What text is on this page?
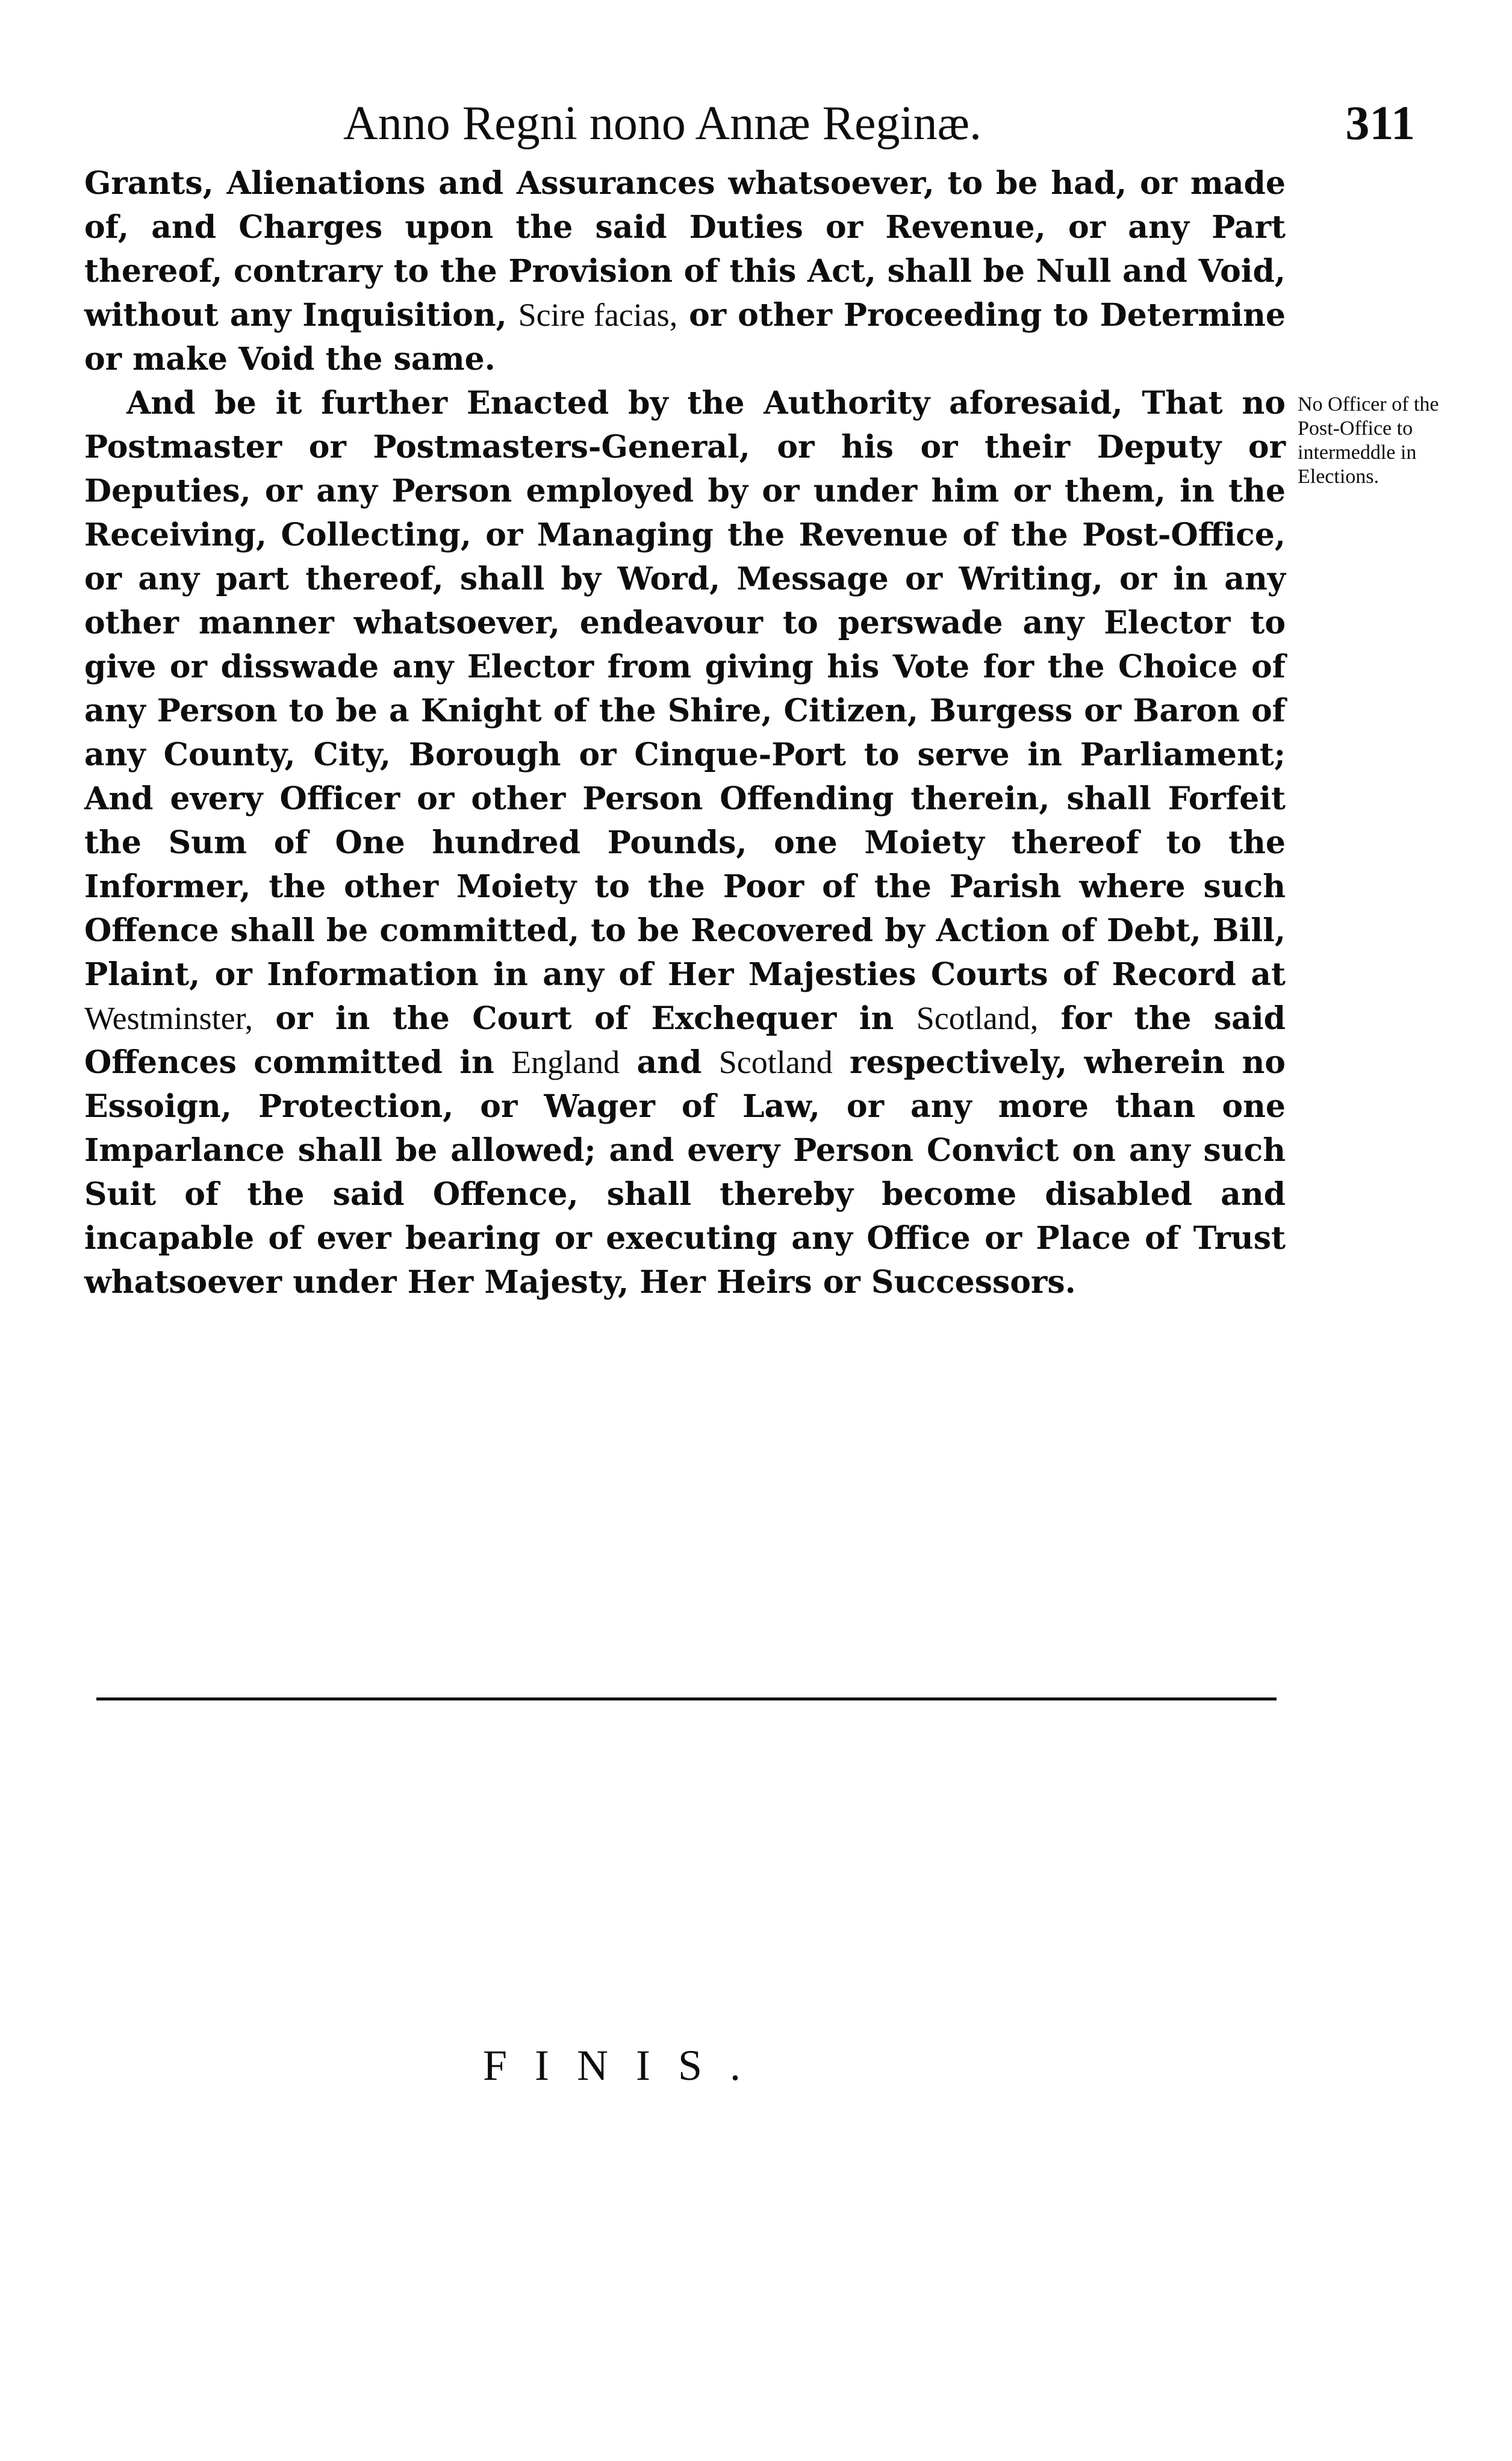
Anno Regni nono Annæ Reginæ.	311

Grants, Alienations and Assurances whatsoever, to be had, or made of, and Charges upon the said Duties or Revenue, or any Part thereof, contrary to the Provision of this Act, shall be Null and Void, without any Inquisition, Scire facias, or other Proceeding to Determine or make Void the same.

And be it further Enacted by the Authority aforesaid, That no Postmaster or Postmasters-General, or his or their Deputy or Deputies, or any Person employed by or under him or them, in the Receiving, Collecting, or Managing the Revenue of the Post-Office, or any part thereof, shall by Word, Message or Writing, or in any other manner whatsoever, endeavour to perswade any Elector to give or disswade any Elector from giving his Vote for the Choice of any Person to be a Knight of the Shire, Citizen, Burgess or Baron of any County, City, Borough or Cinque-Port to serve in Parliament; And every Officer or other Person Offending therein, shall Forfeit the Sum of One hundred Pounds, one Moiety thereof to the Informer, the other Moiety to the Poor of the Parish where such Offence shall be committed, to be Recovered by Action of Debt, Bill, Plaint, or Information in any of Her Majesties Courts of Record at Westminster, or in the Court of Exchequer in Scotland, for the said Offences committed in England and Scotland respectively, wherein no Essoign, Protection, or Wager of Law, or any more than one Imparlance shall be allowed; and every Person Convict on any such Suit of the said Offence, shall thereby become disabled and incapable of ever bearing or executing any Office or Place of Trust whatsoever under Her Majesty, Her Heirs or Successors.

No Officer of the Post-Office to intermeddle in Elections.
FINIS.
